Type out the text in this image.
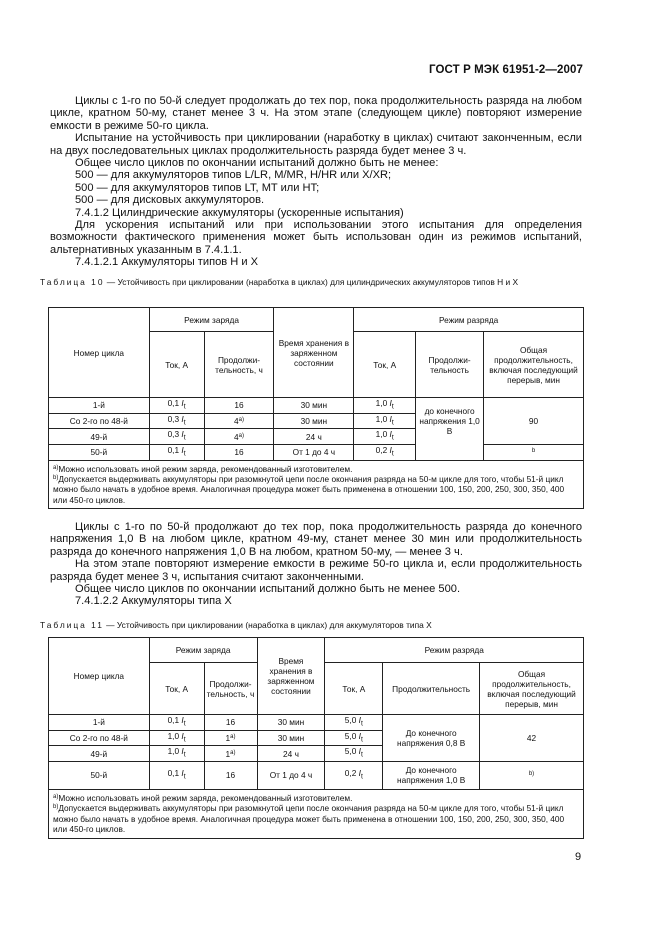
ГОСТ Р МЭК 61951-2—2007

Циклы с 1-го по 50-й следует продолжать до тех пор, пока продолжительность разряда на любом цикле, кратном 50-му, станет менее 3 ч. На этом этапе (следующем цикле) повторяют измерение емкости в режиме 50-го цикла.

Испытание на устойчивость при циклировании (наработку в циклах) считают законченным, если на двух последовательных циклах продолжительность разряда будет менее 3 ч.

Общее число циклов по окончании испытаний должно быть не менее:

500 — для аккумуляторов типов L/LR, M/MR, H/HR или X/XR;

500 — для аккумуляторов типов LT, MT или HT;

500 — для дисковых аккумуляторов.

7.4.1.2 Цилиндрические аккумуляторы (ускоренные испытания)

Для ускорения испытаний или при использовании этого испытания для определения возможности фактического применения может быть использован один из режимов испытаний, альтернативных указанным в 7.4.1.1.

7.4.1.2.1 Аккумуляторы типов H и X

Таблица 10 — Устойчивость при циклировании (наработка в циклах) для цилиндрических аккумуляторов типов H и X
Номер цикла	Режим заряда		Время хранения в заряженном состоянии	Режим разряда		
	Ток, А	Продолжительность, ч		Ток, А	Продолжительность	Общая продолжительность, включая последующий перерыв, мин
1-й	0,1 $I_t$	16	30 мин	1,0 $I_t$	до конечного напряжения 1,0 В	90
Со 2-го по 48-й	0,3 $I_t$	$4^{а)}$	30 мин	1,0 $I_t$
49-й	0,3 $I_t$	$4^{а)}$	24 ч	1,0 $I_t$
50-й	0,1 $I_t$	16	От 1 до 4 ч	0,2 $I_t$		$^b$

$^{a)}$Можно использовать иной режим заряда, рекомендованный изготовителем.
$^{b)}$Допускается выдерживать аккумуляторы при разомкнутой цепи после окончания разряда на 50-м цикле для того, чтобы 51-й цикл можно было начать в удобное время. Аналогичная процедура может быть применена в отношении 100, 150, 200, 250, 300, 350, 400 или 450-го циклов.						

Циклы с 1-го по 50-й продолжают до тех пор, пока продолжительность разряда до конечного напряжения 1,0 В на любом цикле, кратном 49-му, станет менее 30 мин или продолжительность разряда до конечного напряжения 1,0 В на любом, кратном 50-му, — менее 3 ч.

На этом этапе повторяют измерение емкости в режиме 50-го цикла и, если продолжительность разряда будет менее 3 ч, испытания считают законченными.

Общее число циклов по окончании испытаний должно быть не менее 500.

7.4.1.2.2 Аккумуляторы типа X

Таблица 11 — Устойчивость при циклировании (наработка в циклах) для аккумуляторов типа X
Номер цикла	Режим заряда		Время хранения в заряженном состоянии	Режим разряда		
	Ток, А	Продолжительность, ч		Ток, А	Продолжительность	Общая продолжительность, включая последующий перерыв, мин
1-й	0,1 $I_t$	16	30 мин	5,0 $I_t$	До конечного напряжения 0,8 В	42
Со 2-го по 48-й	1,0 $I_t$	$1^{а)}$	30 мин	5,0 $I_t$
49-й	1,0 $I_t$	$1^{а)}$	24 ч	5,0 $I_t$
50-й	0,1 $I_t$	16	От 1 до 4 ч	0,2 $I_t$	До конечного напряжения 1,0 В	$^{b)}$

$^{a)}$Можно использовать иной режим заряда, рекомендованный изготовителем.
$^{b)}$Допускается выдерживать аккумуляторы при разомкнутой цепи после окончания разряда на 50-м цикле для того, чтобы 51-й цикл можно было начать в удобное время. Аналогичная процедура может быть применена в отношении 100, 150, 200, 250, 300, 350, 400 или 450-го циклов.						
9
